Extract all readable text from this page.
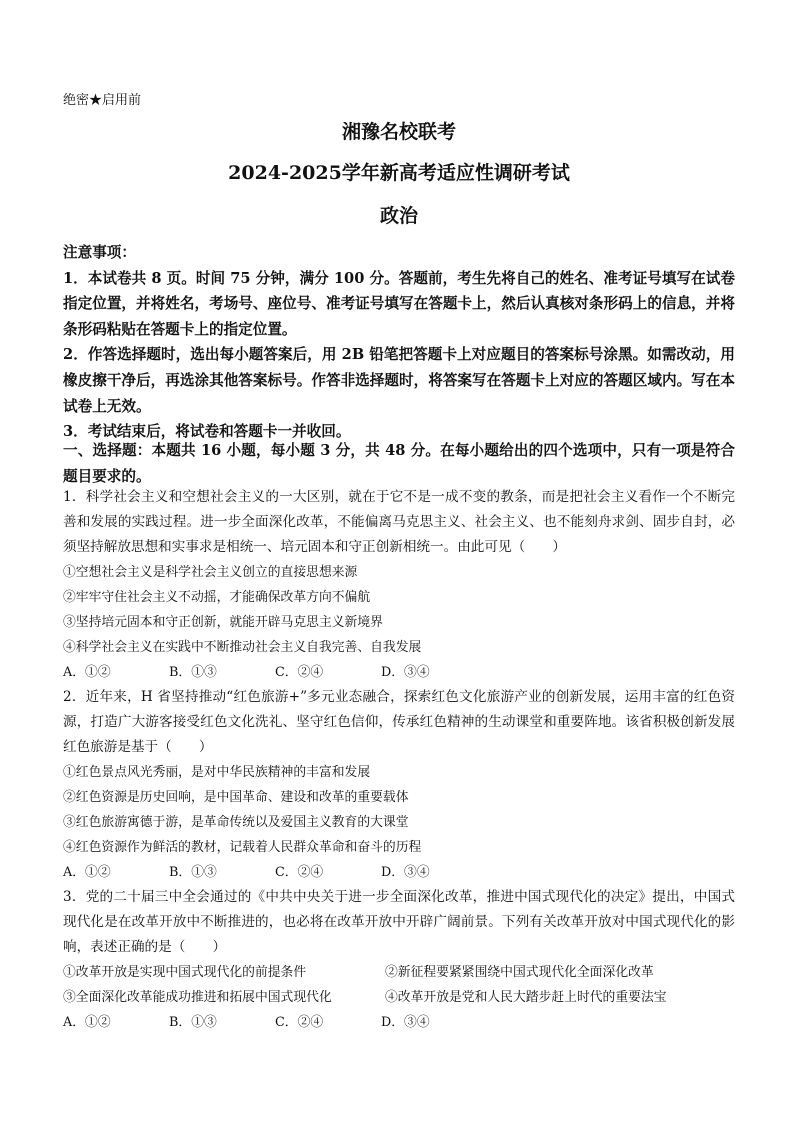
绝密★启用前
湘豫名校联考
2024-2025学年新高考适应性调研考试
政治

注意事项：

1．本试卷共 8 页。时间 75 分钟，满分 100 分。答题前，考生先将自己的姓名、准考证号填写在试卷指定位置，并将姓名，考场号、座位号、准考证号填写在答题卡上，然后认真核对条形码上的信息，并将条形码粘贴在答题卡上的指定位置。

2．作答选择题时，选出每小题答案后，用 2B 铅笔把答题卡上对应题目的答案标号涂黑。如需改动，用橡皮擦干净后，再选涂其他答案标号。作答非选择题时，将答案写在答题卡上对应的答题区域内。写在本试卷上无效。

3．考试结束后，将试卷和答题卡一并收回。

一、选择题：本题共 16 小题，每小题 3 分，共 48 分。在每小题给出的四个选项中，只有一项是符合题目要求的。

1．科学社会主义和空想社会主义的一大区别，就在于它不是一成不变的教条，而是把社会主义看作一个不断完善和发展的实践过程。进一步全面深化改革，不能偏离马克思主义、社会主义、也不能刻舟求剑、固步自封，必须坚持解放思想和实事求是相统一、培元固本和守正创新相统一。由此可见（　　）

①空想社会主义是科学社会主义创立的直接思想来源
②牢牢守住社会主义不动摇，才能确保改革方向不偏航
③坚持培元固本和守正创新，就能开辟马克思主义新境界
④科学社会主义在实践中不断推动社会主义自我完善、自我发展
A．①②	B．①③	C．②④	D．③④

2．近年来，H 省坚持推动“红色旅游+”多元业态融合，探索红色文化旅游产业的创新发展，运用丰富的红色资源，打造广大游客接受红色文化洗礼、坚守红色信仰，传承红色精神的生动课堂和重要阵地。该省积极创新发展红色旅游是基于（　　）

①红色景点风光秀丽，是对中华民族精神的丰富和发展
②红色资源是历史回响，是中国革命、建设和改革的重要载体
③红色旅游寓德于游，是革命传统以及爱国主义教育的大课堂
④红色资源作为鲜活的教材，记载着人民群众革命和奋斗的历程
A．①②	B．①③	C．②④	D．③④

3．党的二十届三中全会通过的《中共中央关于进一步全面深化改革，推进中国式现代化的决定》提出，中国式现代化是在改革开放中不断推进的，也必将在改革开放中开辟广阔前景。下列有关改革开放对中国式现代化的影响，表述正确的是（　　）

①改革开放是实现中国式现代化的前提条件	②新征程要紧紧围绕中国式现代化全面深化改革
③全面深化改革能成功推进和拓展中国式现代化	④改革开放是党和人民大踏步赶上时代的重要法宝
A．①②	B．①③	C．②④	D．③④
